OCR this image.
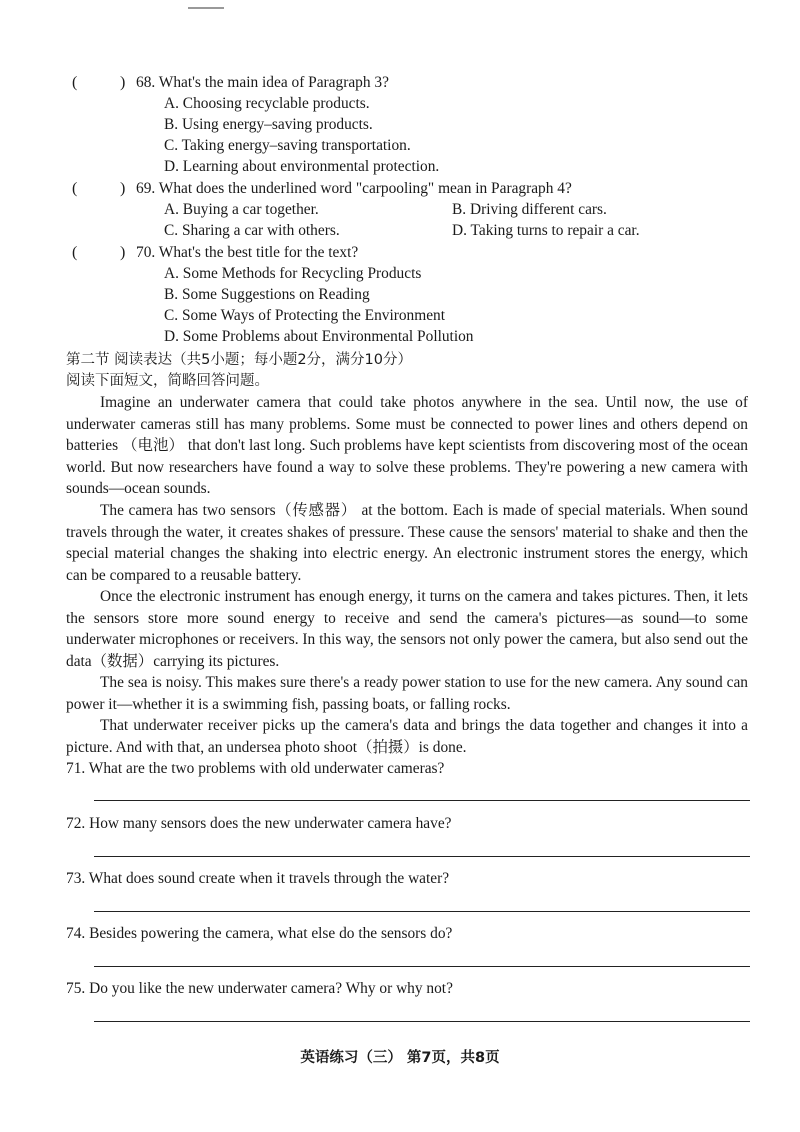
(	) 68. What's the main idea of Paragraph 3?
A. Choosing recyclable products.
B. Using energy–saving products.
C. Taking energy–saving transportation.
D. Learning about environmental protection.
(	) 69. What does the underlined word "carpooling" mean in Paragraph 4?
A. Buying a car together.	B. Driving different cars.
C. Sharing a car with others.	D. Taking turns to repair a car.
(	) 70. What's the best title for the text?
A. Some Methods for Recycling Products
B. Some Suggestions on Reading
C. Some Ways of Protecting the Environment
D. Some Problems about Environmental Pollution
第二节 阅读表达（共5小题；每小题2分，满分10分）
阅读下面短文，简略回答问题。

Imagine an underwater camera that could take photos anywhere in the sea. Until now, the use of underwater cameras still has many problems. Some must be connected to power lines and others depend on batteries （电池） that don't last long. Such problems have kept scientists from discovering most of the ocean world. But now researchers have found a way to solve these problems. They're powering a new camera with sounds—ocean sounds.

The camera has two sensors（传感器） at the bottom. Each is made of special materials. When sound travels through the water, it creates shakes of pressure. These cause the sensors' material to shake and then the special material changes the shaking into electric energy. An electronic instrument stores the energy, which can be compared to a reusable battery.

Once the electronic instrument has enough energy, it turns on the camera and takes pictures. Then, it lets the sensors store more sound energy to receive and send the camera's pictures—as sound—to some underwater microphones or receivers. In this way, the sensors not only power the camera, but also send out the data（数据）carrying its pictures.

The sea is noisy. This makes sure there's a ready power station to use for the new camera. Any sound can power it—whether it is a swimming fish, passing boats, or falling rocks.

That underwater receiver picks up the camera's data and brings the data together and changes it into a picture. And with that, an undersea photo shoot（拍摄）is done.

71. What are the two problems with old underwater cameras?
72. How many sensors does the new underwater camera have?
73. What does sound create when it travels through the water?
74. Besides powering the camera, what else do the sensors do?
75. Do you like the new underwater camera? Why or why not?
英语练习（三） 第7页，共8页
